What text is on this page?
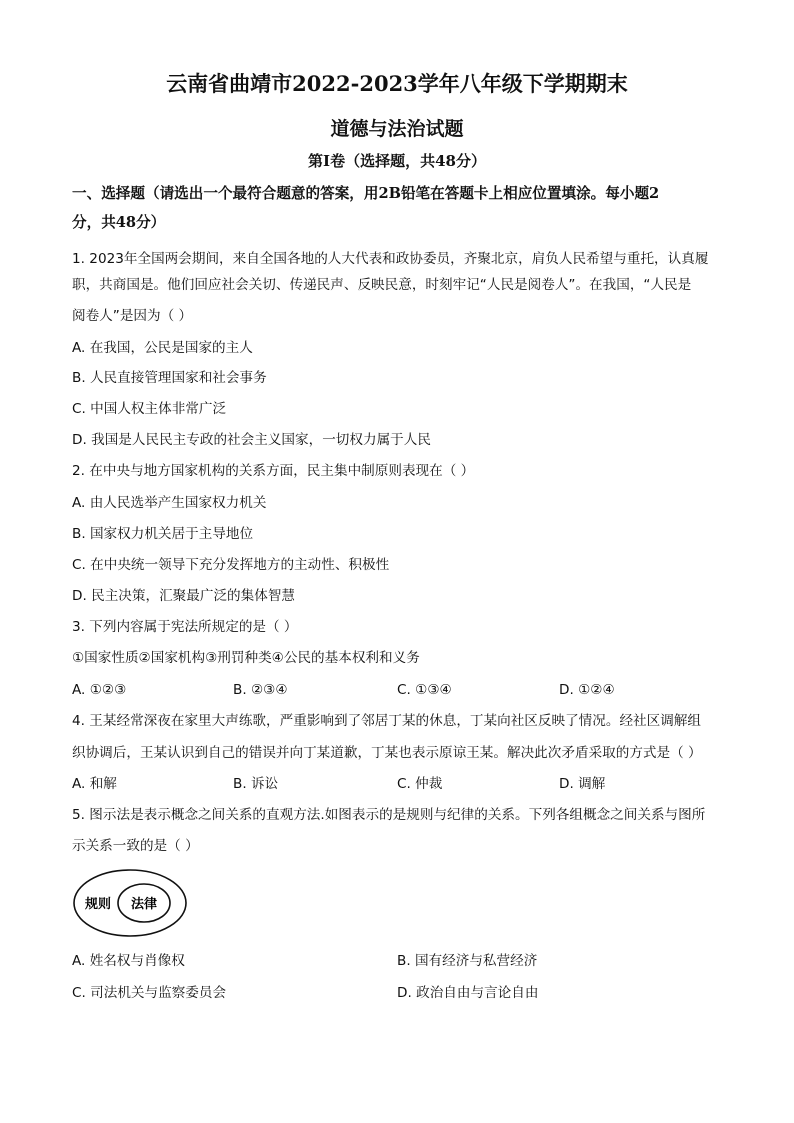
云南省曲靖市2022-2023学年八年级下学期期末
道德与法治试题
第Ⅰ卷（选择题，共48分）
一、选择题（请选出一个最符合题意的答案，用2B铅笔在答题卡上相应位置填涂。每小题2
分，共48分）
1. 2023年全国两会期间，来自全国各地的人大代表和政协委员，齐聚北京，肩负人民希望与重托，认真履
职，共商国是。他们回应社会关切、传递民声、反映民意，时刻牢记“人民是阅卷人”。在我国，“人民是
阅卷人”是因为（ ）
A. 在我国，公民是国家的主人
B. 人民直接管理国家和社会事务
C. 中国人权主体非常广泛
D. 我国是人民民主专政的社会主义国家，一切权力属于人民
2. 在中央与地方国家机构的关系方面，民主集中制原则表现在（ ）
A. 由人民选举产生国家权力机关
B. 国家权力机关居于主导地位
C. 在中央统一领导下充分发挥地方的主动性、积极性
D. 民主决策，汇聚最广泛的集体智慧
3. 下列内容属于宪法所规定的是（ ）
①国家性质②国家机构③刑罚种类④公民的基本权利和义务
A. ①②③	B. ②③④	C. ①③④	D. ①②④
4. 王某经常深夜在家里大声练歌，严重影响到了邻居丁某的休息，丁某向社区反映了情况。经社区调解组
织协调后，王某认识到自己的错误并向丁某道歉，丁某也表示原谅王某。解决此次矛盾采取的方式是（ ）
A. 和解	B. 诉讼	C. 仲裁	D. 调解
5. 图示法是表示概念之间关系的直观方法.如图表示的是规则与纪律的关系。下列各组概念之间关系与图所
示关系一致的是（ ）
规则 法律
A. 姓名权与肖像权	B. 国有经济与私营经济
C. 司法机关与监察委员会	D. 政治自由与言论自由
